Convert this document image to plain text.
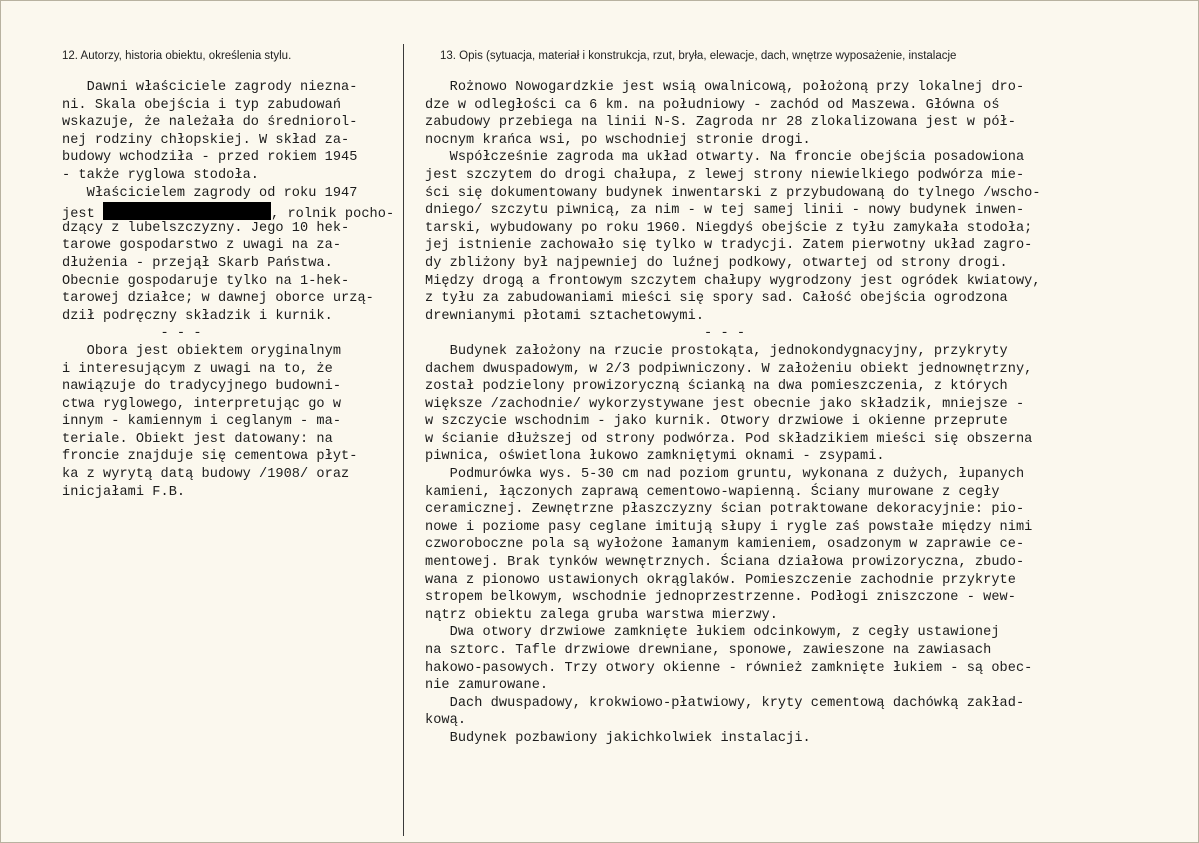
12. Autorzy, historia obiektu, określenia stylu.	13. Opis (sytuacja, materiał i konstrukcja, rzut, bryła, elewacje, dach, wnętrze wyposażenie, instalacje
Dawni właściciele zagrody niezna-
ni. Skala obejścia i typ zabudowań
wskazuje, że należała do średniorol-
nej rodziny chłopskiej. W skład za-
budowy wchodziła - przed rokiem 1945
- także ryglowa stodoła.
Właścicielem zagrody od roku 1947
jest	, rolnik pocho-
dzący z lubelszczyzny. Jego 10 hek-
tarowe gospodarstwo z uwagi na za-
dłużenia - przejął Skarb Państwa.
Obecnie gospodaruje tylko na 1-hek-
tarowej działce; w dawnej oborce urzą-
dził podręczny składzik i kurnik.
- - -
Obora jest obiektem oryginalnym
i interesującym z uwagi na to, że
nawiązuje do tradycyjnego budowni-
ctwa ryglowego, interpretując go w
innym - kamiennym i ceglanym - ma-
teriale. Obiekt jest datowany: na
froncie znajduje się cementowa płyt-
ka z wyrytą datą budowy /1908/ oraz
inicjałami F.B.
Rożnowo Nowogardzkie jest wsią owalnicową, położoną przy lokalnej dro-
dze w odległości ca 6 km. na południowy - zachód od Maszewa. Główna oś
zabudowy przebiega na linii N-S. Zagroda nr 28 zlokalizowana jest w pół-
nocnym krańca wsi, po wschodniej stronie drogi.
Współcześnie zagroda ma układ otwarty. Na froncie obejścia posadowiona
jest szczytem do drogi chałupa, z lewej strony niewielkiego podwórza mie-
ści się dokumentowany budynek inwentarski z przybudowaną do tylnego /wscho-
dniego/ szczytu piwnicą, za nim - w tej samej linii - nowy budynek inwen-
tarski, wybudowany po roku 1960. Niegdyś obejście z tyłu zamykała stodoła;
jej istnienie zachowało się tylko w tradycji. Zatem pierwotny układ zagro-
dy zbliżony był najpewniej do luźnej podkowy, otwartej od strony drogi.
Między drogą a frontowym szczytem chałupy wygrodzony jest ogródek kwiatowy,
z tyłu za zabudowaniami mieści się spory sad. Całość obejścia ogrodzona
drewnianymi płotami sztachetowymi.
- - -
Budynek założony na rzucie prostokąta, jednokondygnacyjny, przykryty
dachem dwuspadowym, w 2/3 podpiwniczony. W założeniu obiekt jednownętrzny,
został podzielony prowizoryczną ścianką na dwa pomieszczenia, z których
większe /zachodnie/ wykorzystywane jest obecnie jako składzik, mniejsze -
w szczycie wschodnim - jako kurnik. Otwory drzwiowe i okienne przeprute
w ścianie dłuższej od strony podwórza. Pod składzikiem mieści się obszerna
piwnica, oświetlona łukowo zamkniętymi oknami - zsypami.
Podmurówka wys. 5-30 cm nad poziom gruntu, wykonana z dużych, łupanych
kamieni, łączonych zaprawą cementowo-wapienną. Ściany murowane z cegły
ceramicznej. Zewnętrzne płaszczyzny ścian potraktowane dekoracyjnie: pio-
nowe i poziome pasy ceglane imitują słupy i rygle zaś powstałe między nimi
czworoboczne pola są wyłożone łamanym kamieniem, osadzonym w zaprawie ce-
mentowej. Brak tynków wewnętrznych. Ściana działowa prowizoryczna, zbudo-
wana z pionowo ustawionych okrąglaków. Pomieszczenie zachodnie przykryte
stropem belkowym, wschodnie jednoprzestrzenne. Podłogi zniszczone - wew-
nątrz obiektu zalega gruba warstwa mierzwy.
Dwa otwory drzwiowe zamknięte łukiem odcinkowym, z cegły ustawionej
na sztorc. Tafle drzwiowe drewniane, sponowe, zawieszone na zawiasach
hakowo-pasowych. Trzy otwory okienne - również zamknięte łukiem - są obec-
nie zamurowane.
Dach dwuspadowy, krokwiowo-płatwiowy, kryty cementową dachówką zakład-
kową.
Budynek pozbawiony jakichkolwiek instalacji.
